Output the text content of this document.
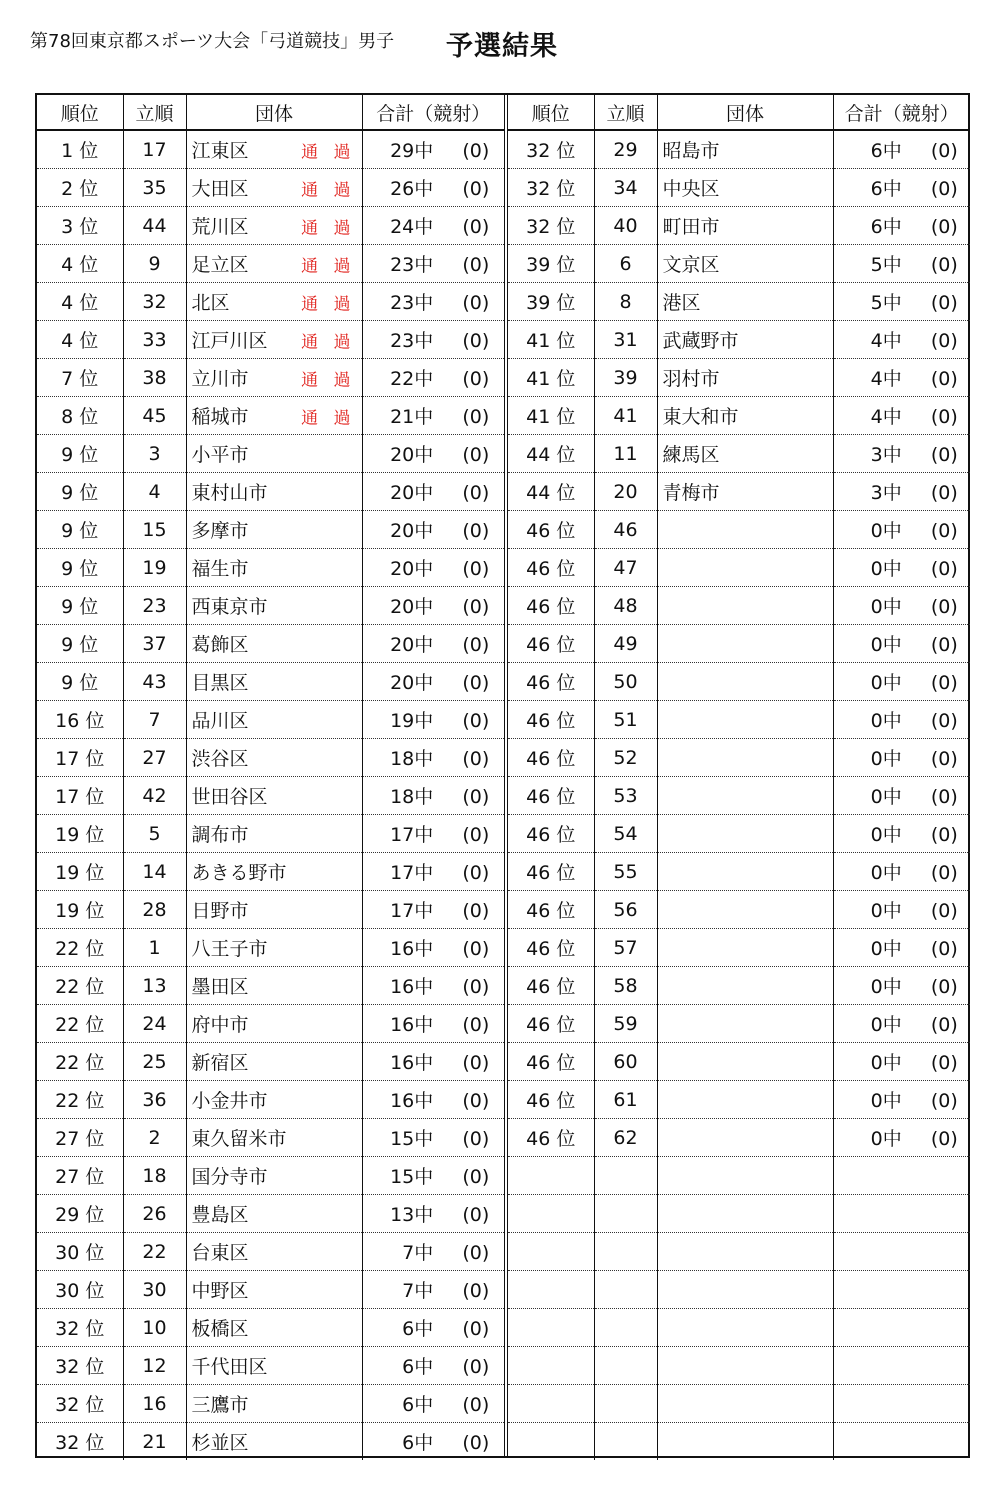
第78回東京都スポーツ大会「弓道競技」男子 予選結果
順位	立順	団体	合計（競射）
1 位	17	江東区 通 過	29中 (0)
2 位	35	大田区 通 過	26中 (0)
3 位	44	荒川区 通 過	24中 (0)
4 位	9	足立区 通 過	23中 (0)
4 位	32	北区 通 過	23中 (0)
4 位	33	江戸川区 通 過	23中 (0)
7 位	38	立川市 通 過	22中 (0)
8 位	45	稲城市 通 過	21中 (0)
9 位	3	小平市	20中 (0)
9 位	4	東村山市	20中 (0)
9 位	15	多摩市	20中 (0)
9 位	19	福生市	20中 (0)
9 位	23	西東京市	20中 (0)
9 位	37	葛飾区	20中 (0)
9 位	43	目黒区	20中 (0)
16 位	7	品川区	19中 (0)
17 位	27	渋谷区	18中 (0)
17 位	42	世田谷区	18中 (0)
19 位	5	調布市	17中 (0)
19 位	14	あきる野市	17中 (0)
19 位	28	日野市	17中 (0)
22 位	1	八王子市	16中 (0)
22 位	13	墨田区	16中 (0)
22 位	24	府中市	16中 (0)
22 位	25	新宿区	16中 (0)
22 位	36	小金井市	16中 (0)
27 位	2	東久留米市	15中 (0)
27 位	18	国分寺市	15中 (0)
29 位	26	豊島区	13中 (0)
30 位	22	台東区	7中 (0)
30 位	30	中野区	7中 (0)
32 位	10	板橋区	6中 (0)
32 位	12	千代田区	6中 (0)
32 位	16	三鷹市	6中 (0)
32 位	21	杉並区	6中 (0)
順位	立順	団体	合計（競射）
32 位	29	昭島市	6中 (0)
32 位	34	中央区	6中 (0)
32 位	40	町田市	6中 (0)
39 位	6	文京区	5中 (0)
39 位	8	港区	5中 (0)
41 位	31	武蔵野市	4中 (0)
41 位	39	羽村市	4中 (0)
41 位	41	東大和市	4中 (0)
44 位	11	練馬区	3中 (0)
44 位	20	青梅市	3中 (0)
46 位	46		0中 (0)
46 位	47		0中 (0)
46 位	48		0中 (0)
46 位	49		0中 (0)
46 位	50		0中 (0)
46 位	51		0中 (0)
46 位	52		0中 (0)
46 位	53		0中 (0)
46 位	54		0中 (0)
46 位	55		0中 (0)
46 位	56		0中 (0)
46 位	57		0中 (0)
46 位	58		0中 (0)
46 位	59		0中 (0)
46 位	60		0中 (0)
46 位	61		0中 (0)
46 位	62		0中 (0)
